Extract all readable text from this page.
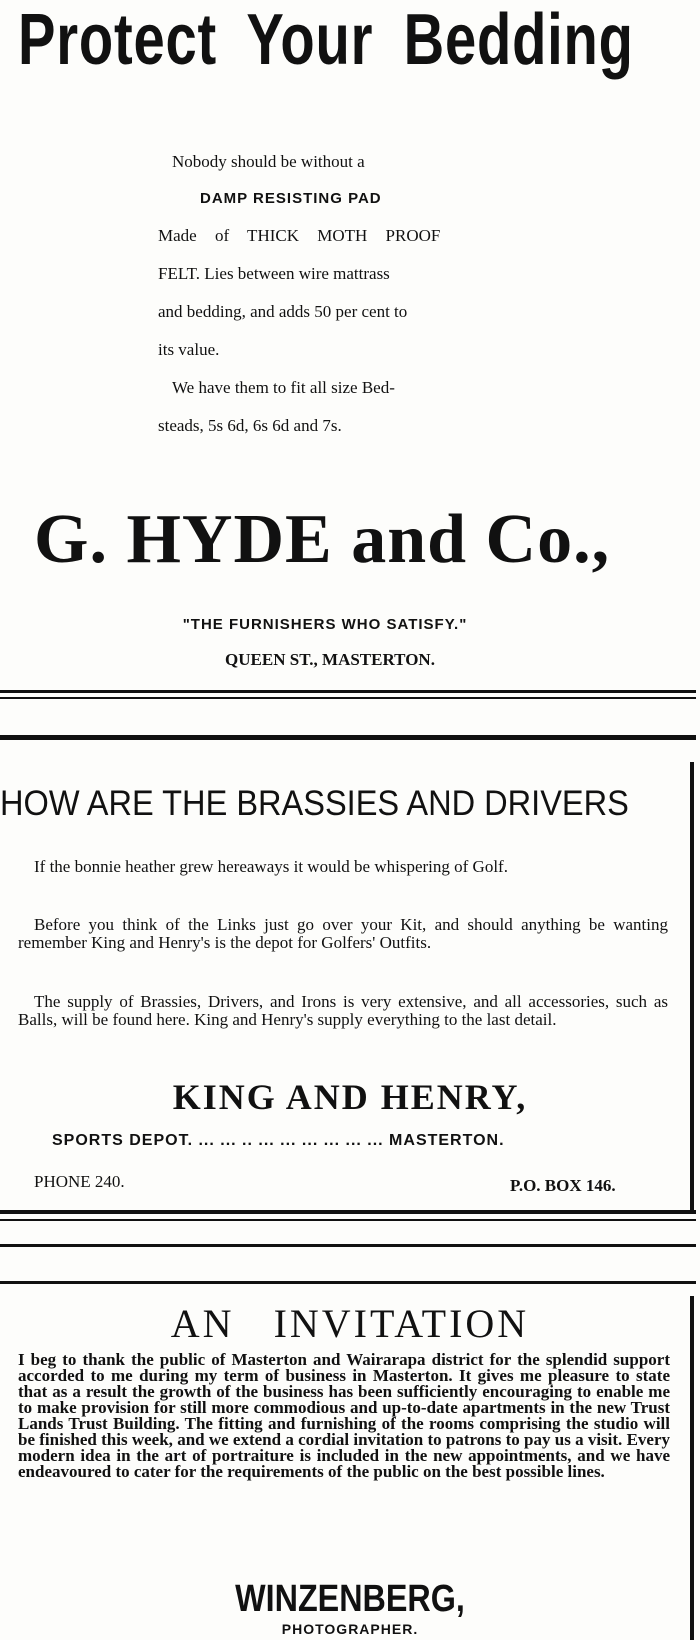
Protect Your Bedding
Nobody should be without a
DAMP RESISTING PAD
Made of THICK MOTH PROOF
FELT. Lies between wire mattrass
and bedding, and adds 50 per cent to
its value.
We have them to fit all size Bed-
steads, 5s 6d, 6s 6d and 7s.
G. HYDE and Co.,
"THE FURNISHERS WHO SATISFY."
QUEEN ST., MASTERTON.
HOW ARE THE BRASSIES AND DRIVERS
If the bonnie heather grew hereaways it would be whispering of Golf.
Before you think of the Links just go over your Kit, and should anything be wanting remember King and Henry's is the depot for Golfers' Outfits.
The supply of Brassies, Drivers, and Irons is very extensive, and all accessories, such as Balls, will be found here. King and Henry's supply everything to the last detail.
KING AND HENRY,
SPORTS DEPOT. ... ... .. ... ... ... ... ... ... MASTERTON.
PHONE 240.	P.O. BOX 146.
AN INVITATION
I beg to thank the public of Masterton and Wairarapa district for the splendid support accorded to me during my term of business in Masterton. It gives me pleasure to state that as a result the growth of the business has been sufficiently encouraging to enable me to make provision for still more commodious and up-to-date apartments in the new Trust Lands Trust Building. The fitting and furnishing of the rooms comprising the studio will be finished this week, and we extend a cordial invitation to patrons to pay us a visit. Every modern idea in the art of portraiture is included in the new appointments, and we have endeavoured to cater for the requirements of the public on the best possible lines.
WINZENBERG,
PHOTOGRAPHER.
